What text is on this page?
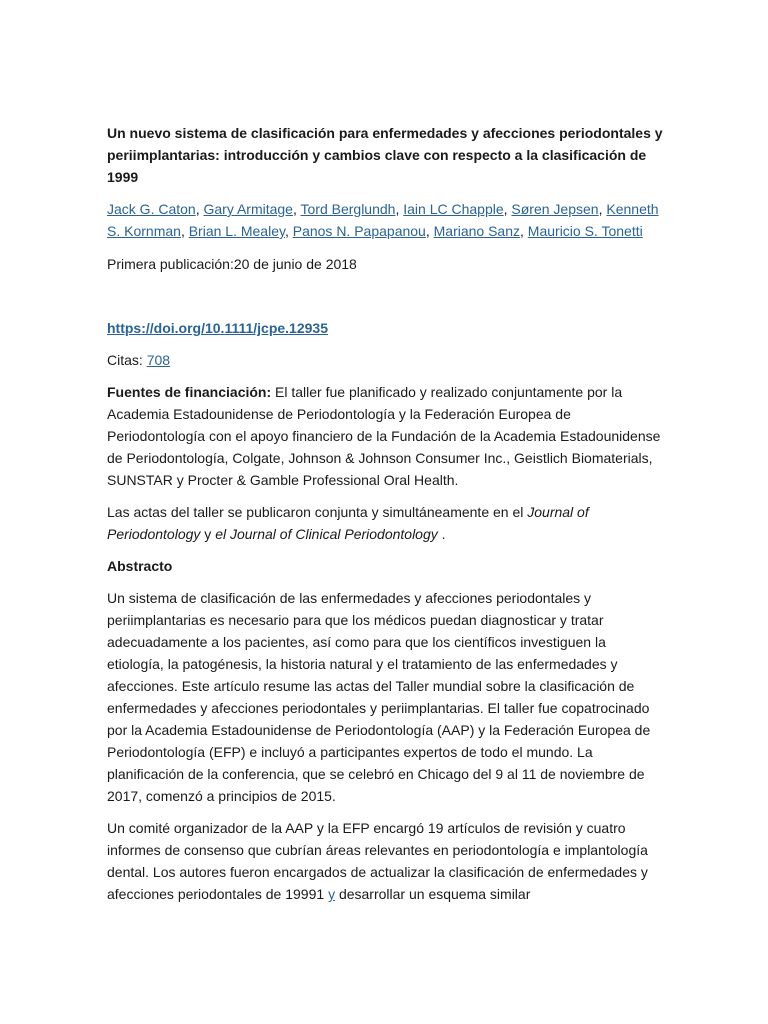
Un nuevo sistema de clasificación para enfermedades y afecciones periodontales y periimplantarias: introducción y cambios clave con respecto a la clasificación de 1999
Jack G. Caton, Gary Armitage, Tord Berglundh, Iain LC Chapple, Søren Jepsen, Kenneth S. Kornman, Brian L. Mealey, Panos N. Papapanou, Mariano Sanz, Mauricio S. Tonetti
Primera publicación:20 de junio de 2018
https://doi.org/10.1111/jcpe.12935
Citas: 708

Fuentes de financiación: El taller fue planificado y realizado conjuntamente por la Academia Estadounidense de Periodontología y la Federación Europea de Periodontología con el apoyo financiero de la Fundación de la Academia Estadounidense de Periodontología, Colgate, Johnson & Johnson Consumer Inc., Geistlich Biomaterials, SUNSTAR y Procter & Gamble Professional Oral Health.

Las actas del taller se publicaron conjunta y simultáneamente en el Journal of Periodontology y el Journal of Clinical Periodontology .

Abstracto

Un sistema de clasificación de las enfermedades y afecciones periodontales y periimplantarias es necesario para que los médicos puedan diagnosticar y tratar adecuadamente a los pacientes, así como para que los científicos investiguen la etiología, la patogénesis, la historia natural y el tratamiento de las enfermedades y afecciones. Este artículo resume las actas del Taller mundial sobre la clasificación de enfermedades y afecciones periodontales y periimplantarias. El taller fue copatrocinado por la Academia Estadounidense de Periodontología (AAP) y la Federación Europea de Periodontología (EFP) e incluyó a participantes expertos de todo el mundo. La planificación de la conferencia, que se celebró en Chicago del 9 al 11 de noviembre de 2017, comenzó a principios de 2015.

Un comité organizador de la AAP y la EFP encargó 19 artículos de revisión y cuatro informes de consenso que cubrían áreas relevantes en periodontología e implantología dental. Los autores fueron encargados de actualizar la clasificación de enfermedades y afecciones periodontales de 19991 y desarrollar un esquema similar
